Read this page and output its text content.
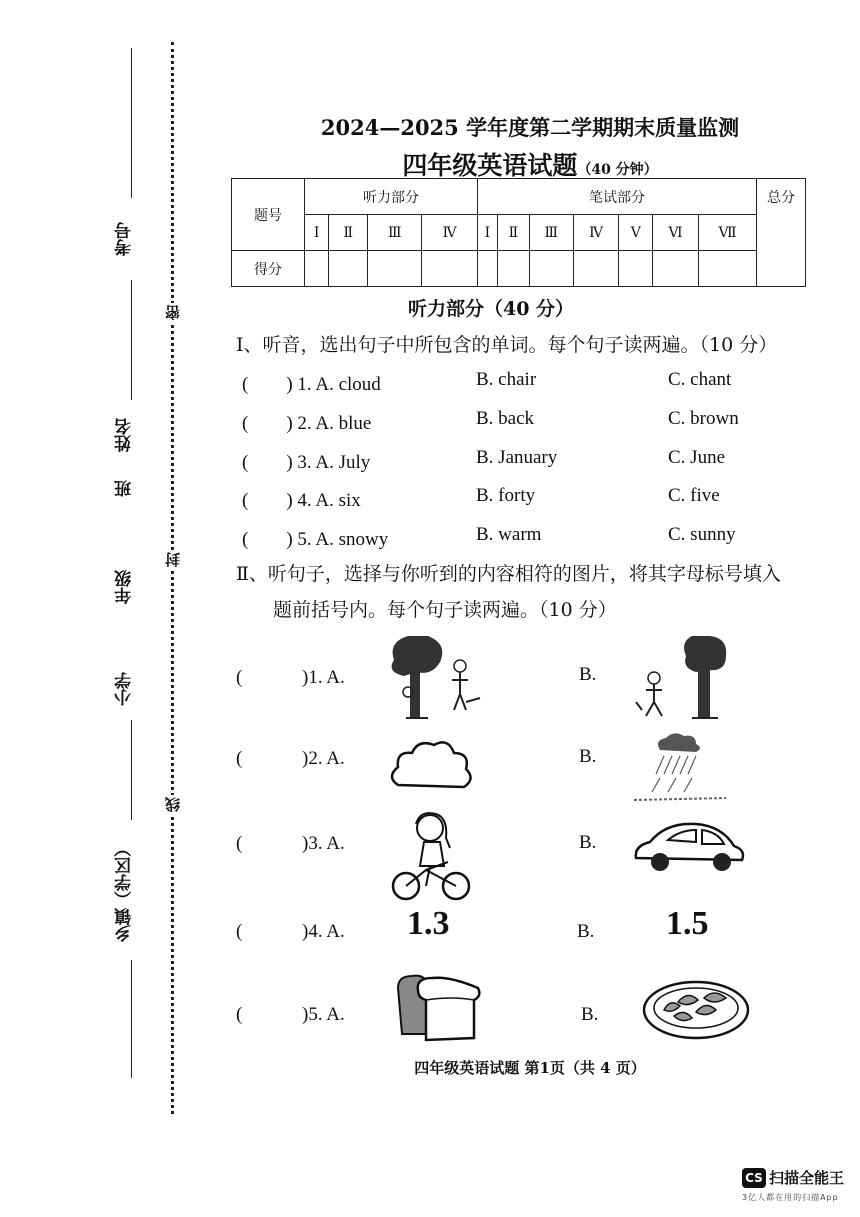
考号
姓名
班
年级
小学
乡镇（学区）
密
封
线
2024—2025 学年度第二学期期末质量监测
四年级英语试题（40 分钟）
题号	听力部分				笔试部分							总分
	Ⅰ	Ⅱ	Ⅲ	Ⅳ	Ⅰ	Ⅱ	Ⅲ	Ⅳ	Ⅴ	Ⅵ	Ⅶ	
得分												
听力部分（40 分）
Ⅰ、听音，选出句子中所包含的单词。每个句子读两遍。（10 分）
(　　) 1. A. cloud	B. chair	C. chant
(　　) 2. A. blue	B. back	C. brown
(　　) 3. A. July	B. January	C. June
(　　) 4. A. six	B. forty	C. five
(　　) 5. A. snowy	B. warm	C. sunny
Ⅱ、听句子，选择与你听到的内容相符的图片，将其字母标号填入
题前括号内。每个句子读两遍。（10 分）
(	)1. A.	B.
(	)2. A.	B.
(	)3. A.	B.
(	)4. A. 1.3	B. 1.5
(	)5. A.	B.
四年级英语试题 第1页（共 4 页）
CS 扫描全能王
3亿人都在用的扫描App
